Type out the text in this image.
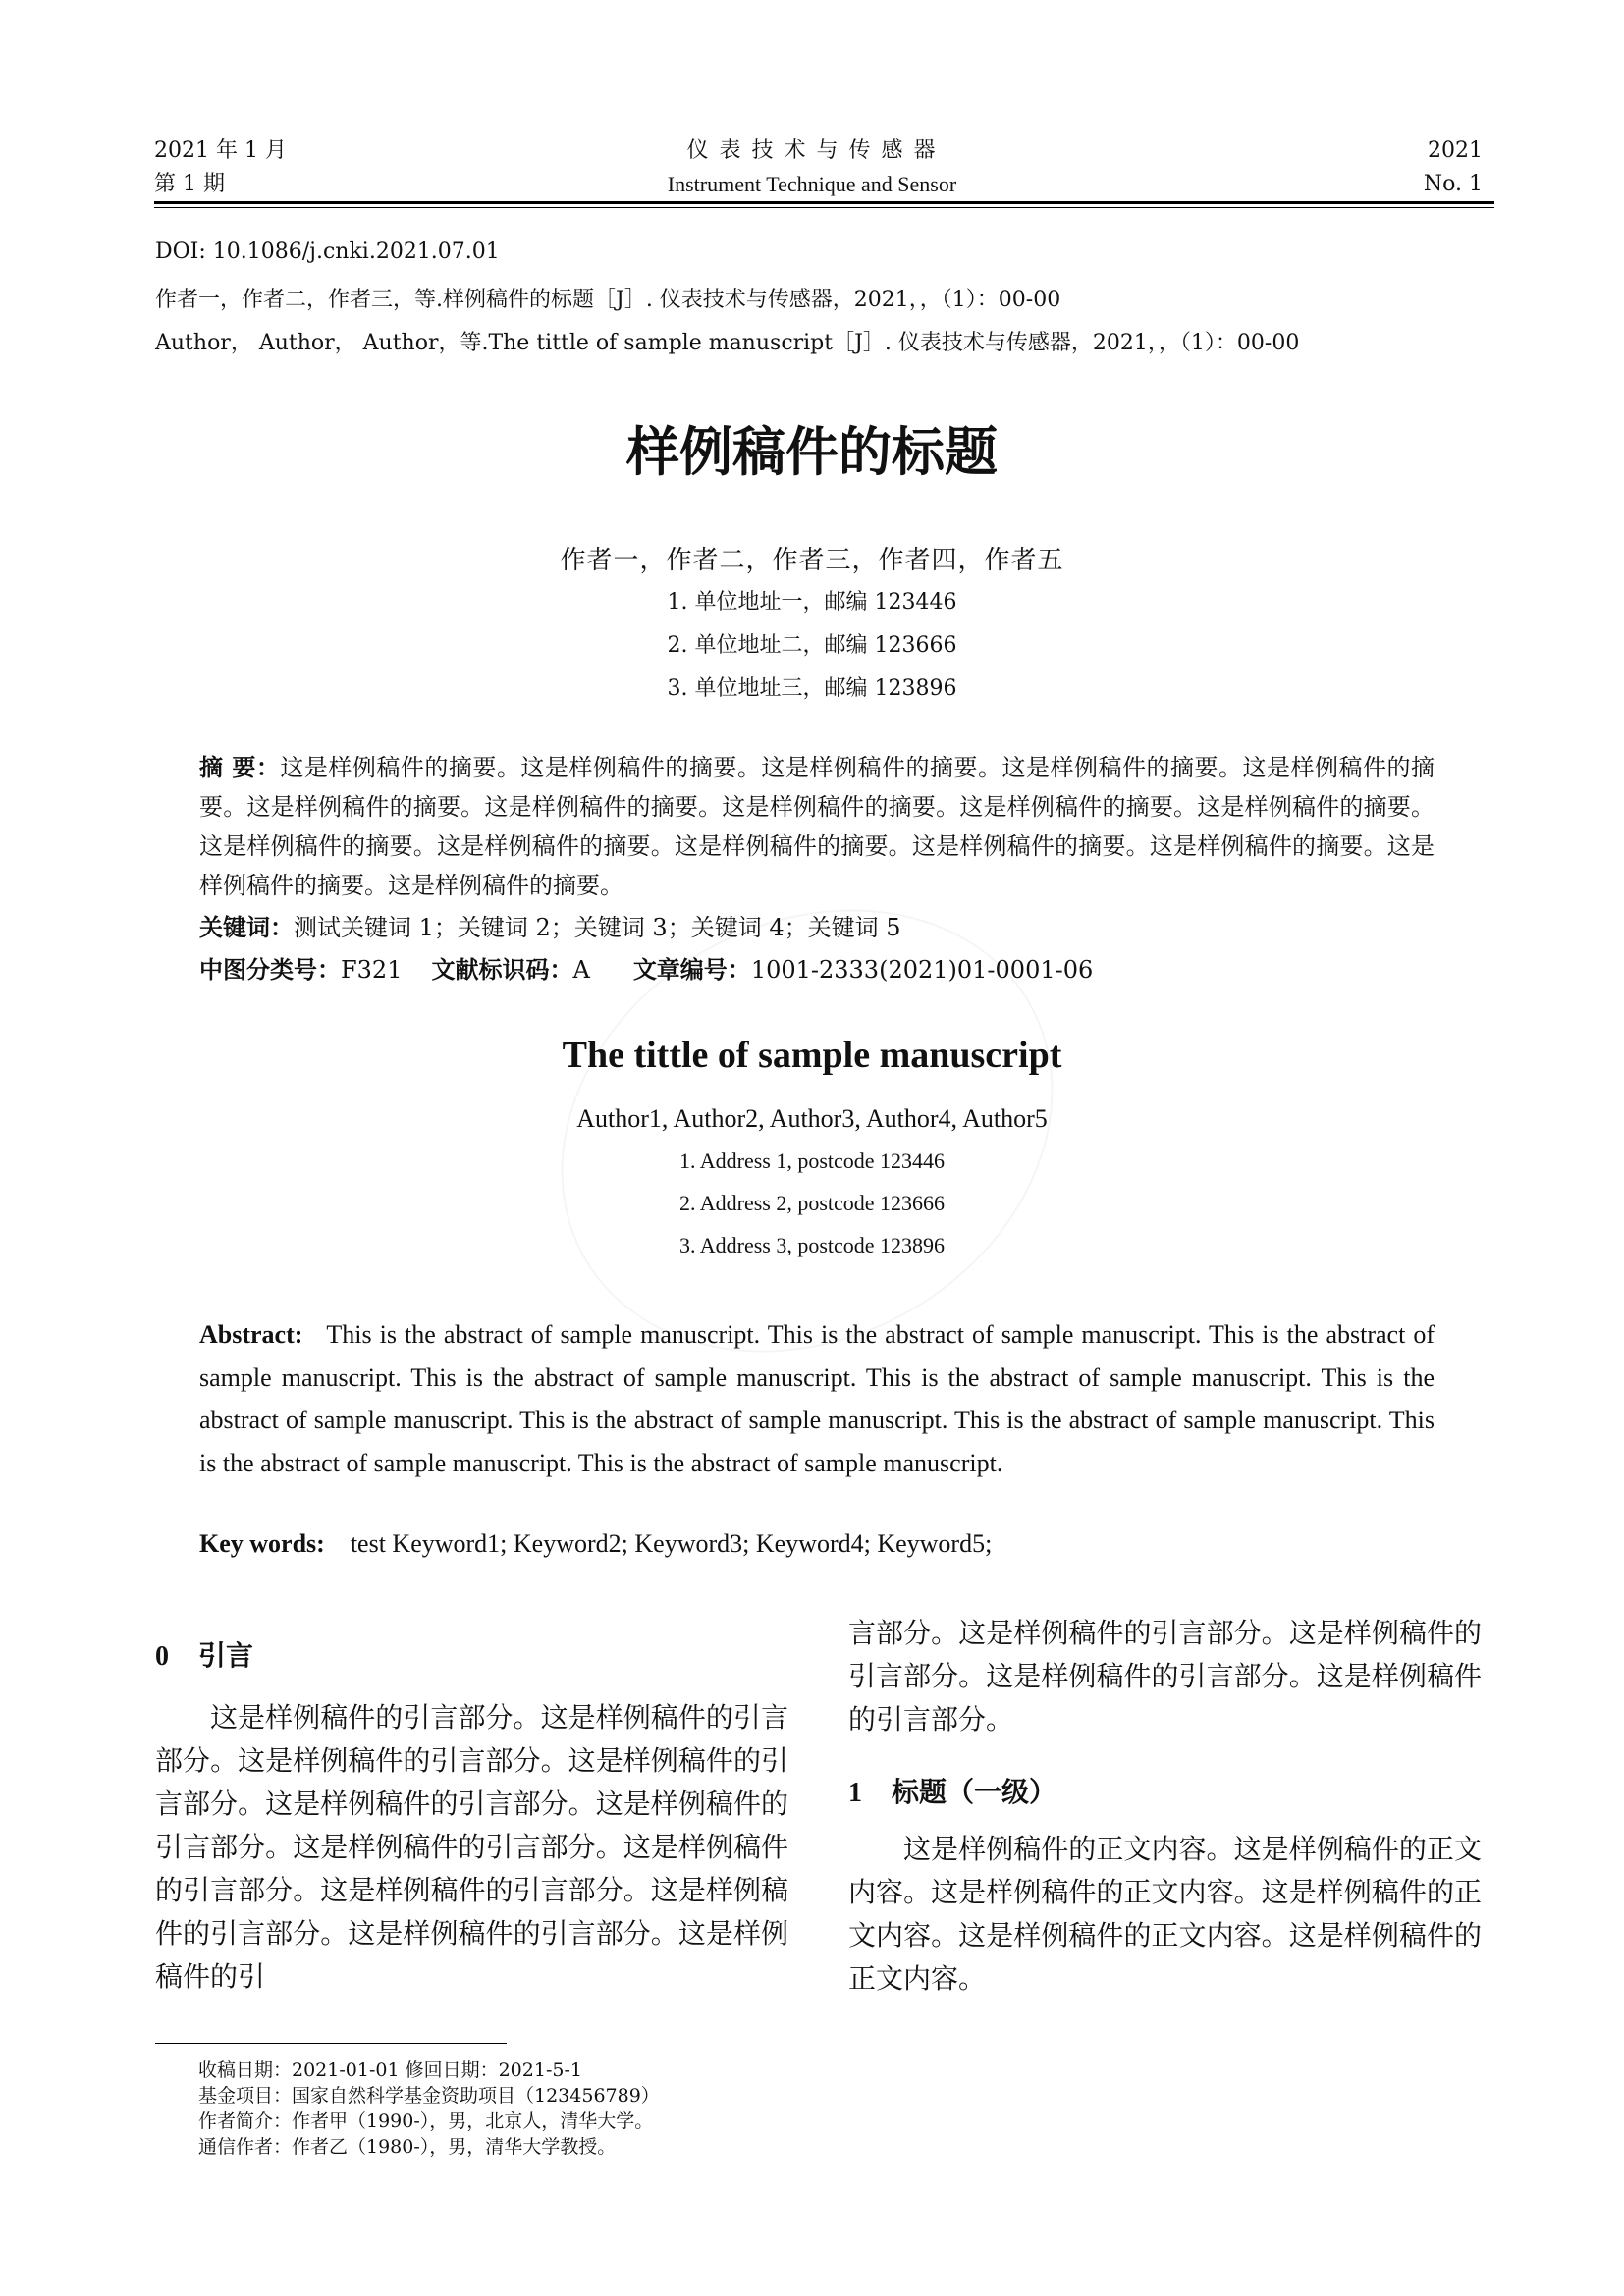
2021 年 1 月
第 1 期
仪 表 技 术 与 传 感 器
Instrument Technique and Sensor
2021
No. 1
DOI: 10.1086/j.cnki.2021.07.01
作者一，作者二，作者三，等.样例稿件的标题［J］. 仪表技术与传感器，2021，，（1）：00-00
Author， Author， Author，等.The tittle of sample manuscript［J］. 仪表技术与传感器，2021，，（1）：00-00
样例稿件的标题
作者一，作者二，作者三，作者四，作者五
1. 单位地址一，邮编 123446
2. 单位地址二，邮编 123666
3. 单位地址三，邮编 123896
摘 要：这是样例稿件的摘要。这是样例稿件的摘要。这是样例稿件的摘要。这是样例稿件的摘要。这是样例稿件的摘要。这是样例稿件的摘要。这是样例稿件的摘要。这是样例稿件的摘要。这是样例稿件的摘要。这是样例稿件的摘要。这是样例稿件的摘要。这是样例稿件的摘要。这是样例稿件的摘要。这是样例稿件的摘要。这是样例稿件的摘要。这是样例稿件的摘要。这是样例稿件的摘要。
关键词：测试关键词 1；关键词 2；关键词 3；关键词 4；关键词 5
中图分类号：F321 文献标识码：A 文章编号：1001-2333(2021)01-0001-06
The tittle of sample manuscript
Author1, Author2, Author3, Author4, Author5
1. Address 1, postcode 123446
2. Address 2, postcode 123666
3. Address 3, postcode 123896
Abstract: This is the abstract of sample manuscript. This is the abstract of sample manuscript. This is the abstract of sample manuscript. This is the abstract of sample manuscript. This is the abstract of sample manuscript. This is the abstract of sample manuscript. This is the abstract of sample manuscript. This is the abstract of sample manuscript. This is the abstract of sample manuscript. This is the abstract of sample manuscript.
Key words: test Keyword1; Keyword2; Keyword3; Keyword4; Keyword5;
0 引言
这是样例稿件的引言部分。这是样例稿件的引言部分。这是样例稿件的引言部分。这是样例稿件的引言部分。这是样例稿件的引言部分。这是样例稿件的引言部分。这是样例稿件的引言部分。这是样例稿件的引言部分。这是样例稿件的引言部分。这是样例稿件的引言部分。这是样例稿件的引言部分。这是样例稿件的引
言部分。这是样例稿件的引言部分。这是样例稿件的引言部分。这是样例稿件的引言部分。这是样例稿件的引言部分。
1 标题（一级）
这是样例稿件的正文内容。这是样例稿件的正文内容。这是样例稿件的正文内容。这是样例稿件的正文内容。这是样例稿件的正文内容。这是样例稿件的正文内容。
收稿日期：2021-01-01 修回日期：2021-5-1
基金项目：国家自然科学基金资助项目（123456789）
作者简介：作者甲（1990-），男，北京人，清华大学。
通信作者：作者乙（1980-），男，清华大学教授。
